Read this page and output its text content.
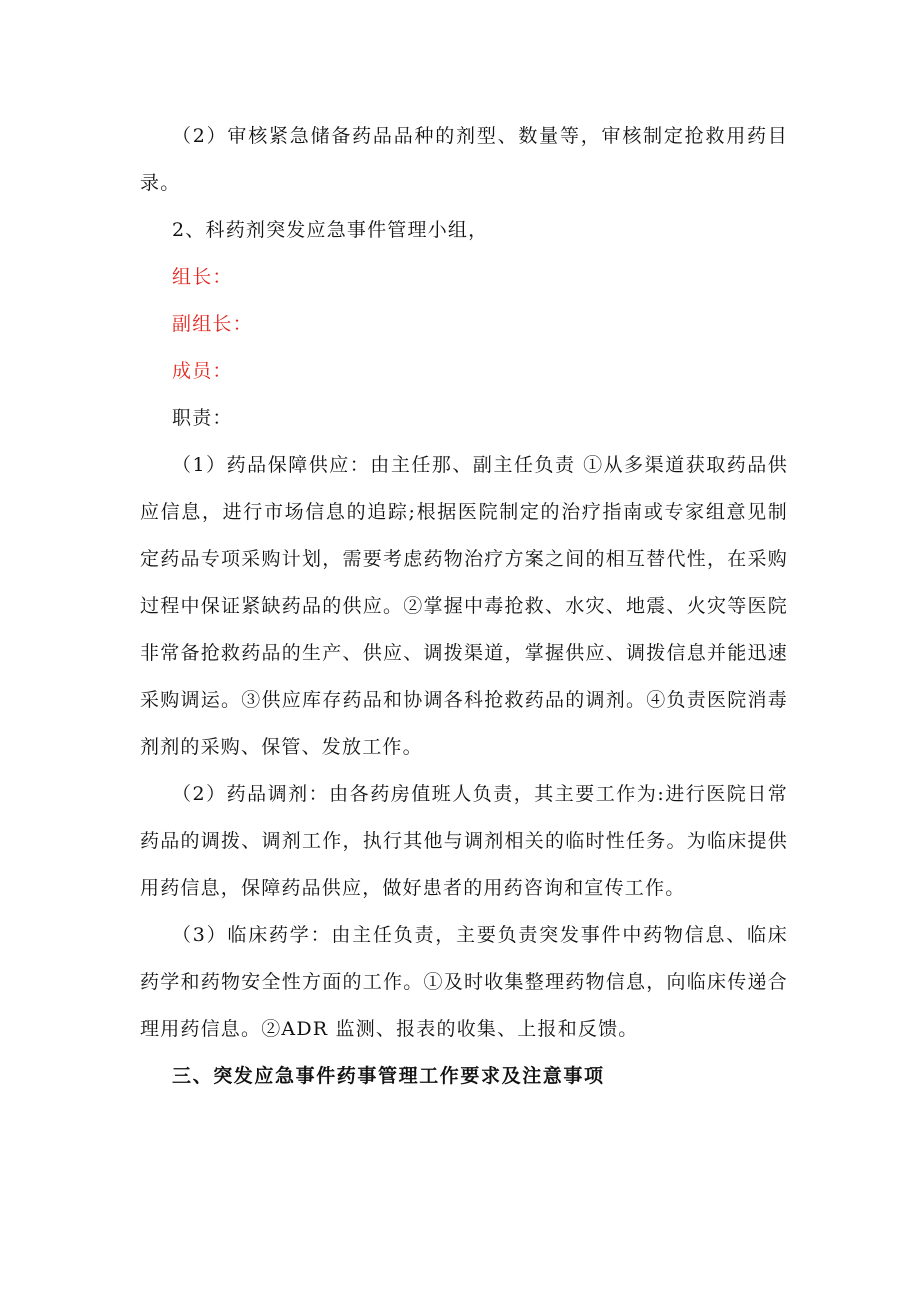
（2）审核紧急储备药品品种的剂型、数量等，审核制定抢救用药目录。

2、科药剂突发应急事件管理小组，

组长：

副组长：

成员：

职责：

（1）药品保障供应：由主任那、副主任负责 ①从多渠道获取药品供应信息，进行市场信息的追踪;根据医院制定的治疗指南或专家组意见制定药品专项采购计划，需要考虑药物治疗方案之间的相互替代性，在采购过程中保证紧缺药品的供应。②掌握中毒抢救、水灾、地震、火灾等医院非常备抢救药品的生产、供应、调拨渠道，掌握供应、调拨信息并能迅速采购调运。③供应库存药品和协调各科抢救药品的调剂。④负责医院消毒剂剂的采购、保管、发放工作。

（2）药品调剂：由各药房值班人负责，其主要工作为:进行医院日常药品的调拨、调剂工作，执行其他与调剂相关的临时性任务。为临床提供用药信息，保障药品供应，做好患者的用药咨询和宣传工作。

（3）临床药学：由主任负责，主要负责突发事件中药物信息、临床药学和药物安全性方面的工作。①及时收集整理药物信息，向临床传递合理用药信息。②ADR 监测、报表的收集、上报和反馈。

三、突发应急事件药事管理工作要求及注意事项
